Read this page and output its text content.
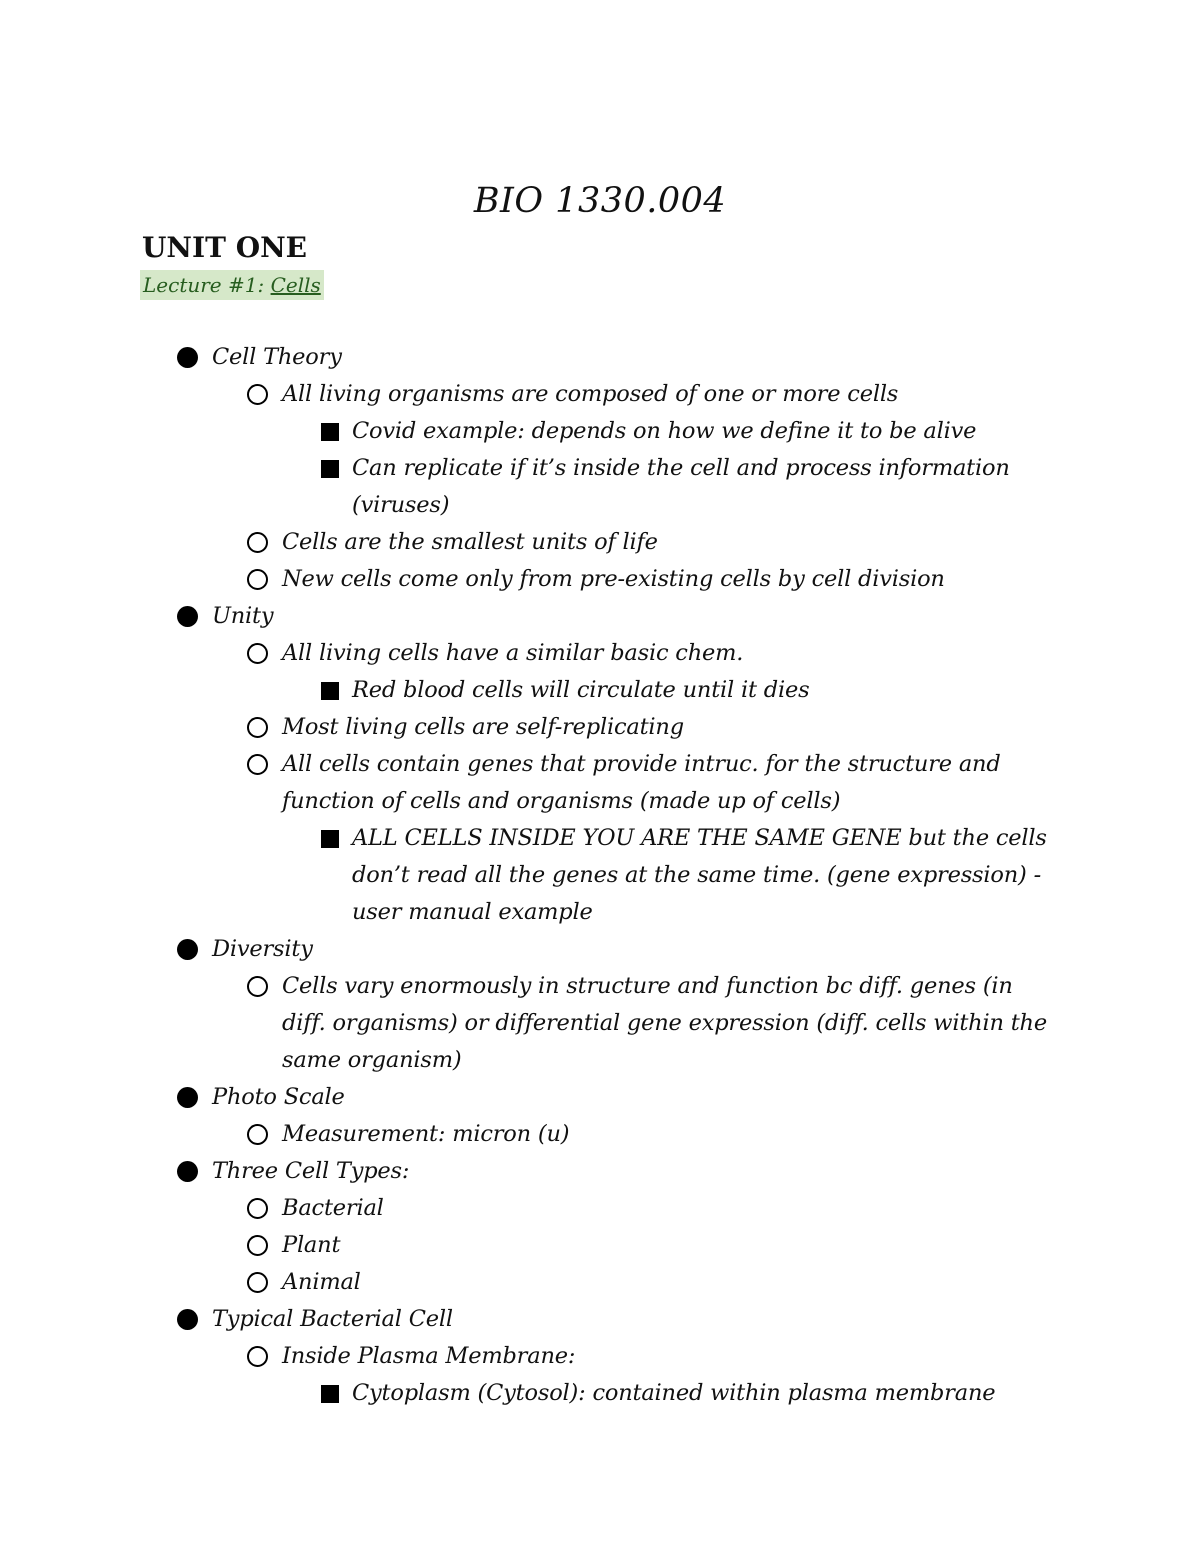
BIO 1330.004
UNIT ONE
Lecture #1: Cells
Cell Theory
All living organisms are composed of one or more cells
Covid example: depends on how we define it to be alive
Can replicate if it’s inside the cell and process information (viruses)
Cells are the smallest units of life
New cells come only from pre-existing cells by cell division
Unity
All living cells have a similar basic chem.
Red blood cells will circulate until it dies
Most living cells are self-replicating
All cells contain genes that provide intruc. for the structure and function of cells and organisms (made up of cells)
ALL CELLS INSIDE YOU ARE THE SAME GENE but the cells don’t read all the genes at the same time. (gene expression) - user manual example
Diversity
Cells vary enormously in structure and function bc diff. genes (in diff. organisms) or differential gene expression (diff. cells within the same organism)
Photo Scale
Measurement: micron (u)
Three Cell Types:
Bacterial
Plant
Animal
Typical Bacterial Cell
Inside Plasma Membrane:
Cytoplasm (Cytosol): contained within plasma membrane
